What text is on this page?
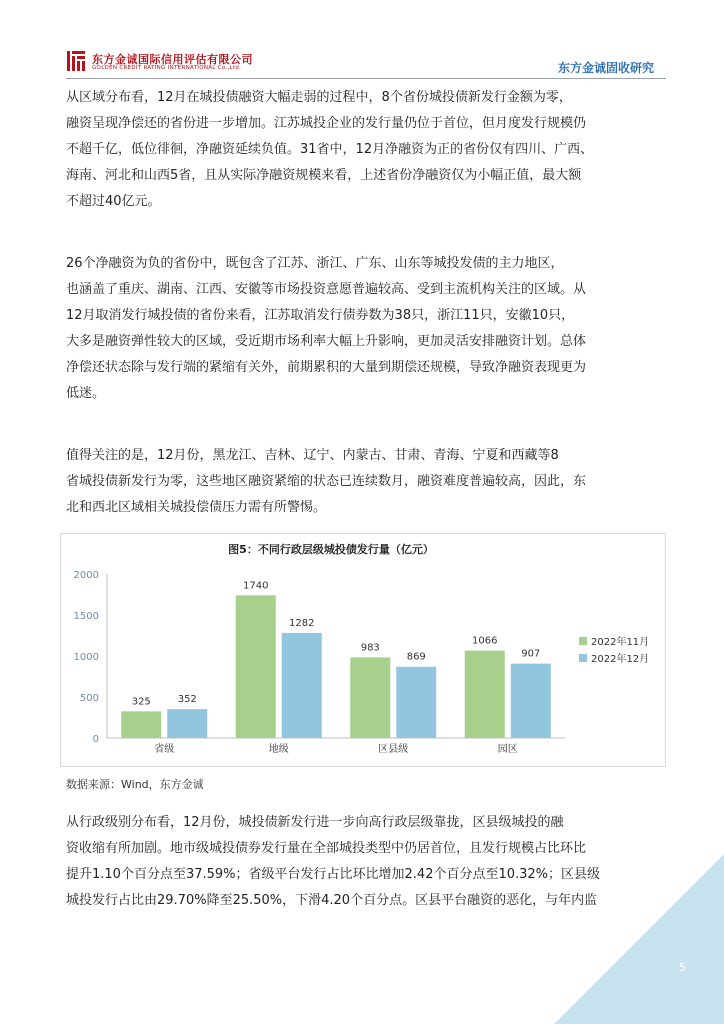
东方金诚国际信用评估有限公司
GOLDEN CREDIT RATING INTERNATIONAL Co.,Ltd.	东方金诚固收研究
从区域分布看，12月在城投债融资大幅走弱的过程中，8个省份城投债新发行金额为零，
融资呈现净偿还的省份进一步增加。江苏城投企业的发行量仍位于首位，但月度发行规模仍
不超千亿，低位徘徊，净融资延续负值。31省中，12月净融资为正的省份仅有四川、广西、
海南、河北和山西5省，且从实际净融资规模来看，上述省份净融资仅为小幅正值，最大额
不超过40亿元。
26个净融资为负的省份中，既包含了江苏、浙江、广东、山东等城投发债的主力地区，
也涵盖了重庆、湖南、江西、安徽等市场投资意愿普遍较高、受到主流机构关注的区域。从
12月取消发行城投债的省份来看，江苏取消发行债券数为38只，浙江11只，安徽10只，
大多是融资弹性较大的区域，受近期市场利率大幅上升影响，更加灵活安排融资计划。总体
净偿还状态除与发行端的紧缩有关外，前期累积的大量到期偿还规模，导致净融资表现更为
低迷。
值得关注的是，12月份，黑龙江、吉林、辽宁、内蒙古、甘肃、青海、宁夏和西藏等8
省城投债新发行为零，这些地区融资紧缩的状态已连续数月，融资难度普遍较高，因此，东
北和西北区域相关城投偿债压力需有所警惕。
图5：不同行政层级城投债发行量（亿元）
0
500
1000
1500
2000
325	352
省级
1740
1282
地级
983
869
区县级
1066
907
园区
2022年11月
2022年12月
数据来源：Wind，东方金诚
从行政级别分布看，12月份，城投债新发行进一步向高行政层级靠拢，区县级城投的融
资收缩有所加剧。地市级城投债券发行量在全部城投类型中仍居首位，且发行规模占比环比
提升1.10个百分点至37.59%；省级平台发行占比环比增加2.42个百分点至10.32%；区县级
城投发行占比由29.70%降至25.50%，下滑4.20个百分点。区县平台融资的恶化，与年内监
5
